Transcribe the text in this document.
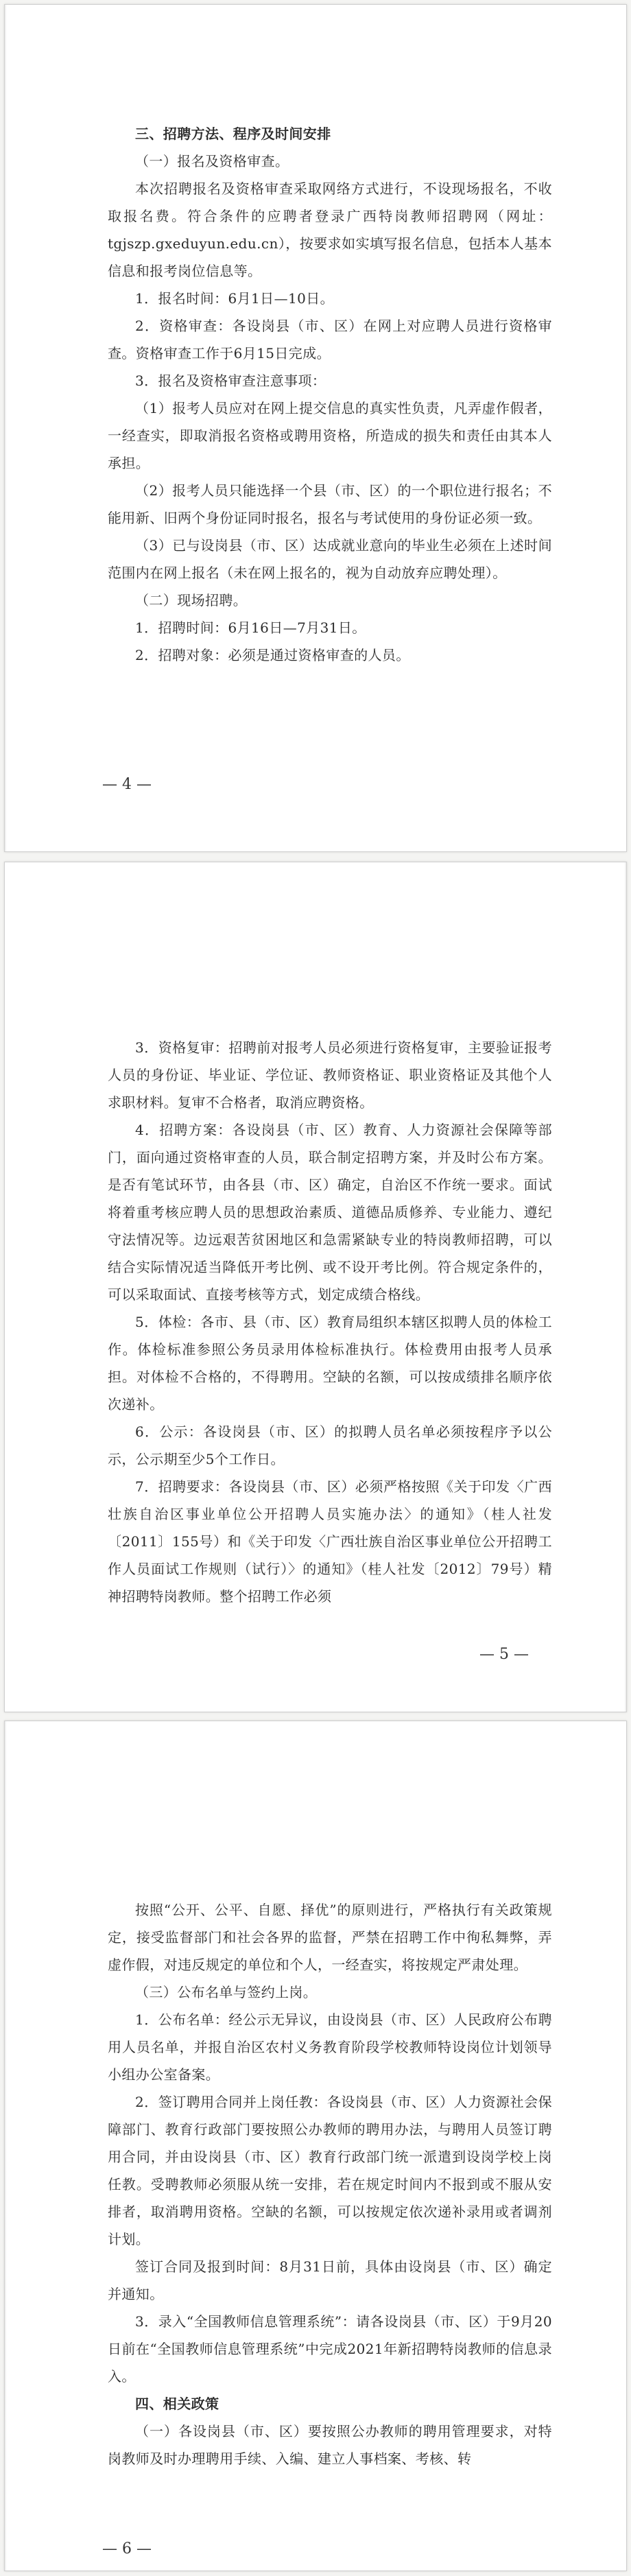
三、招聘方法、程序及时间安排

（一）报名及资格审查。

本次招聘报名及资格审查采取网络方式进行，不设现场报名，不收取报名费。符合条件的应聘者登录广西特岗教师招聘网（网址：tgjszp.gxeduyun.edu.cn），按要求如实填写报名信息，包括本人基本信息和报考岗位信息等。

1．报名时间：6月1日—10日。

2．资格审查：各设岗县（市、区）在网上对应聘人员进行资格审查。资格审查工作于6月15日完成。

3．报名及资格审查注意事项：

（1）报考人员应对在网上提交信息的真实性负责，凡弄虚作假者，一经查实，即取消报名资格或聘用资格，所造成的损失和责任由其本人承担。

（2）报考人员只能选择一个县（市、区）的一个职位进行报名；不能用新、旧两个身份证同时报名，报名与考试使用的身份证必须一致。

（3）已与设岗县（市、区）达成就业意向的毕业生必须在上述时间范围内在网上报名（未在网上报名的，视为自动放弃应聘处理）。

（二）现场招聘。

1．招聘时间：6月16日—7月31日。

2．招聘对象：必须是通过资格审查的人员。

— 4 —

3．资格复审：招聘前对报考人员必须进行资格复审，主要验证报考人员的身份证、毕业证、学位证、教师资格证、职业资格证及其他个人求职材料。复审不合格者，取消应聘资格。

4．招聘方案：各设岗县（市、区）教育、人力资源社会保障等部门，面向通过资格审查的人员，联合制定招聘方案，并及时公布方案。是否有笔试环节，由各县（市、区）确定，自治区不作统一要求。面试将着重考核应聘人员的思想政治素质、道德品质修养、专业能力、遵纪守法情况等。边远艰苦贫困地区和急需紧缺专业的特岗教师招聘，可以结合实际情况适当降低开考比例、或不设开考比例。符合规定条件的，可以采取面试、直接考核等方式，划定成绩合格线。

5．体检：各市、县（市、区）教育局组织本辖区拟聘人员的体检工作。体检标准参照公务员录用体检标准执行。体检费用由报考人员承担。对体检不合格的，不得聘用。空缺的名额，可以按成绩排名顺序依次递补。

6．公示：各设岗县（市、区）的拟聘人员名单必须按程序予以公示，公示期至少5个工作日。

7．招聘要求：各设岗县（市、区）必须严格按照《关于印发〈广西壮族自治区事业单位公开招聘人员实施办法〉的通知》（桂人社发〔2011〕155号）和《关于印发〈广西壮族自治区事业单位公开招聘工作人员面试工作规则（试行）〉的通知》（桂人社发〔2012〕79号）精神招聘特岗教师。整个招聘工作必须

— 5 —

按照“公开、公平、自愿、择优”的原则进行，严格执行有关政策规定，接受监督部门和社会各界的监督，严禁在招聘工作中徇私舞弊，弄虚作假，对违反规定的单位和个人，一经查实，将按规定严肃处理。

（三）公布名单与签约上岗。

1．公布名单：经公示无异议，由设岗县（市、区）人民政府公布聘用人员名单，并报自治区农村义务教育阶段学校教师特设岗位计划领导小组办公室备案。

2．签订聘用合同并上岗任教：各设岗县（市、区）人力资源社会保障部门、教育行政部门要按照公办教师的聘用办法，与聘用人员签订聘用合同，并由设岗县（市、区）教育行政部门统一派遣到设岗学校上岗任教。受聘教师必须服从统一安排，若在规定时间内不报到或不服从安排者，取消聘用资格。空缺的名额，可以按规定依次递补录用或者调剂计划。

签订合同及报到时间：8月31日前，具体由设岗县（市、区）确定并通知。

3．录入“全国教师信息管理系统”：请各设岗县（市、区）于9月20日前在“全国教师信息管理系统”中完成2021年新招聘特岗教师的信息录入。

四、相关政策

（一）各设岗县（市、区）要按照公办教师的聘用管理要求，对特岗教师及时办理聘用手续、入编、建立人事档案、考核、转

— 6 —
